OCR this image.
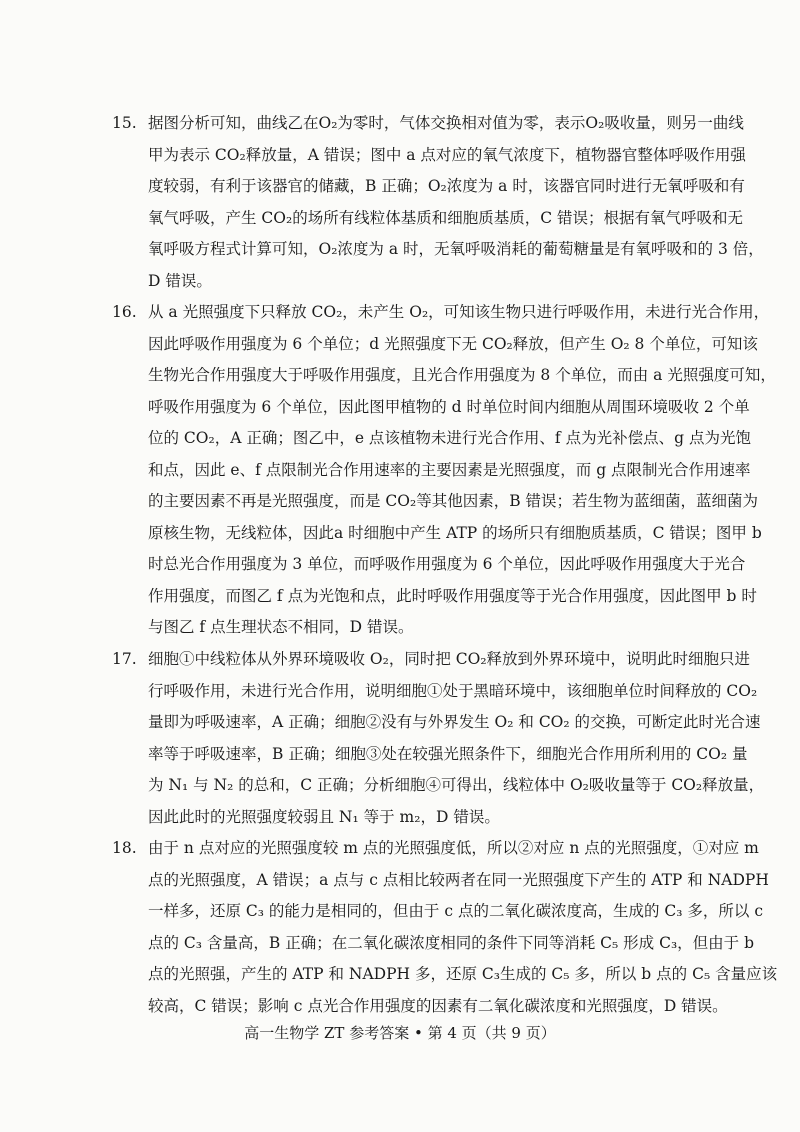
15. 据图分析可知，曲线乙在O₂为零时，气体交换相对值为零，表示O₂吸收量，则另一曲线
甲为表示 CO₂释放量，A 错误；图中 a 点对应的氧气浓度下，植物器官整体呼吸作用强
度较弱，有利于该器官的储藏，B 正确；O₂浓度为 a 时，该器官同时进行无氧呼吸和有
氧气呼吸，产生 CO₂的场所有线粒体基质和细胞质基质，C 错误；根据有氧气呼吸和无
氧呼吸方程式计算可知，O₂浓度为 a 时，无氧呼吸消耗的葡萄糖量是有氧呼吸和的 3 倍，
D 错误。
16. 从 a 光照强度下只释放 CO₂，未产生 O₂，可知该生物只进行呼吸作用，未进行光合作用，
因此呼吸作用强度为 6 个单位；d 光照强度下无 CO₂释放，但产生 O₂ 8 个单位，可知该
生物光合作用强度大于呼吸作用强度，且光合作用强度为 8 个单位，而由 a 光照强度可知，
呼吸作用强度为 6 个单位，因此图甲植物的 d 时单位时间内细胞从周围环境吸收 2 个单
位的 CO₂，A 正确；图乙中，e 点该植物未进行光合作用、f 点为光补偿点、g 点为光饱
和点，因此 e、f 点限制光合作用速率的主要因素是光照强度，而 g 点限制光合作用速率
的主要因素不再是光照强度，而是 CO₂等其他因素，B 错误；若生物为蓝细菌，蓝细菌为
原核生物，无线粒体，因此a 时细胞中产生 ATP 的场所只有细胞质基质，C 错误；图甲 b
时总光合作用强度为 3 单位，而呼吸作用强度为 6 个单位，因此呼吸作用强度大于光合
作用强度，而图乙 f 点为光饱和点，此时呼吸作用强度等于光合作用强度，因此图甲 b 时
与图乙 f 点生理状态不相同，D 错误。
17. 细胞①中线粒体从外界环境吸收 O₂，同时把 CO₂释放到外界环境中，说明此时细胞只进
行呼吸作用，未进行光合作用，说明细胞①处于黑暗环境中，该细胞单位时间释放的 CO₂
量即为呼吸速率，A 正确；细胞②没有与外界发生 O₂ 和 CO₂ 的交换，可断定此时光合速
率等于呼吸速率，B 正确；细胞③处在较强光照条件下，细胞光合作用所利用的 CO₂ 量
为 N₁ 与 N₂ 的总和，C 正确；分析细胞④可得出，线粒体中 O₂吸收量等于 CO₂释放量，
因此此时的光照强度较弱且 N₁ 等于 m₂，D 错误。
18. 由于 n 点对应的光照强度较 m 点的光照强度低，所以②对应 n 点的光照强度，①对应 m
点的光照强度，A 错误；a 点与 c 点相比较两者在同一光照强度下产生的 ATP 和 NADPH
一样多，还原 C₃ 的能力是相同的，但由于 c 点的二氧化碳浓度高，生成的 C₃ 多，所以 c
点的 C₃ 含量高，B 正确；在二氧化碳浓度相同的条件下同等消耗 C₅ 形成 C₃，但由于 b
点的光照强，产生的 ATP 和 NADPH 多，还原 C₃生成的 C₅ 多，所以 b 点的 C₅ 含量应该
较高，C 错误；影响 c 点光合作用强度的因素有二氧化碳浓度和光照强度，D 错误。
高一生物学 ZT 参考答案 • 第 4 页（共 9 页）
